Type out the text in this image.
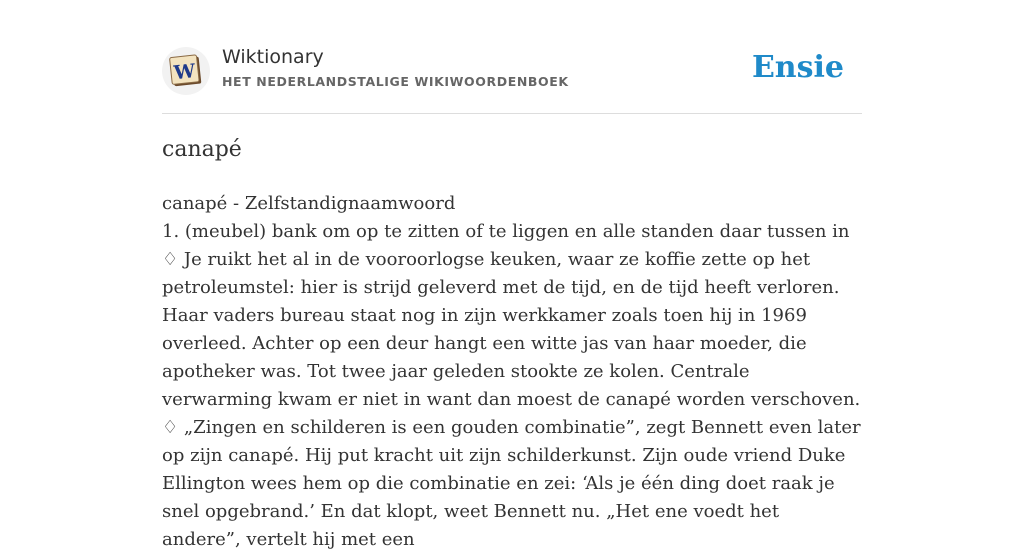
W
Wiktionary
HET NEDERLANDSTALIGE WIKIWOORDENBOEK	Ensie
canapé

canapé - Zelfstandignaamwoord

1. (meubel) bank om op te zitten of te liggen en alle standen daar tussen in

♢ Je ruikt het al in de vooroorlogse keuken, waar ze koffie zette op het petroleumstel: hier is strijd geleverd met de tijd, en de tijd heeft verloren. Haar vaders bureau staat nog in zijn werkkamer zoals toen hij in 1969 overleed. Achter op een deur hangt een witte jas van haar moeder, die apotheker was. Tot twee jaar geleden stookte ze kolen. Centrale verwarming kwam er niet in want dan moest de canapé worden verschoven.

♢ „Zingen en schilderen is een gouden combinatie”, zegt Bennett even later op zijn canapé. Hij put kracht uit zijn schilderkunst. Zijn oude vriend Duke Ellington wees hem op die combinatie en zei: ‘Als je één ding doet raak je snel opgebrand.’ En dat klopt, weet Bennett nu. „Het ene voedt het andere”, vertelt hij met een
